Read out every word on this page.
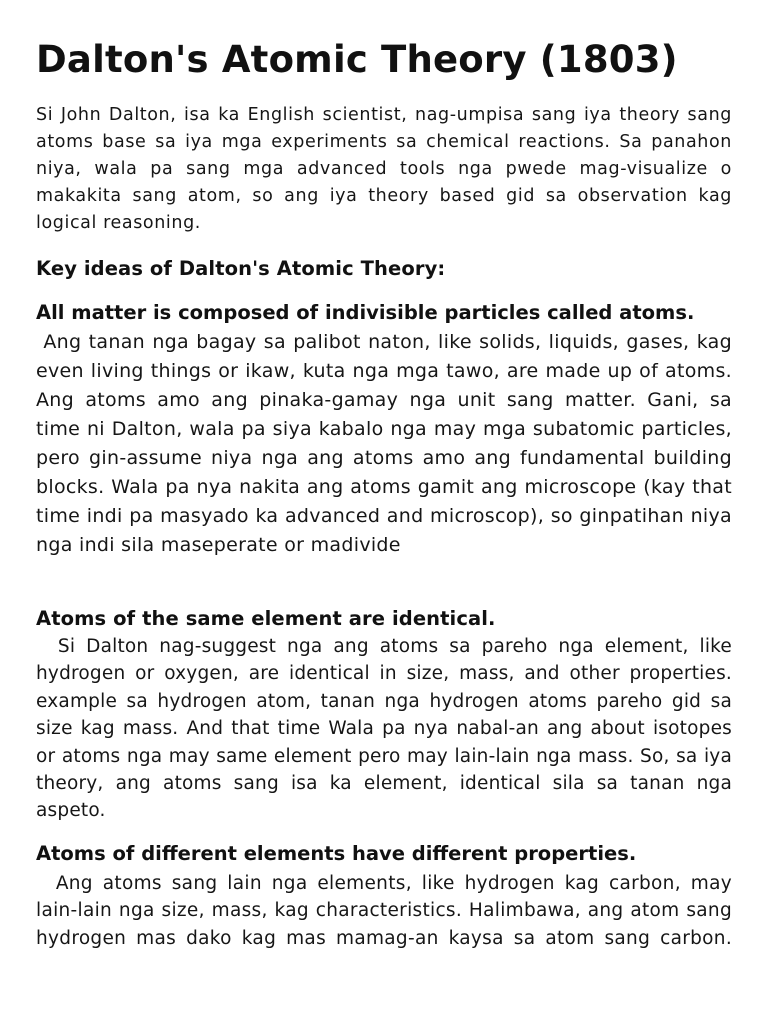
Dalton's Atomic Theory (1803)

Si John Dalton, isa ka English scientist, nag-umpisa sang iya theory sang atoms base sa iya mga experiments sa chemical reactions. Sa panahon niya, wala pa sang mga advanced tools nga pwede mag-visualize o makakita sang atom, so ang iya theory based gid sa observation kag logical reasoning.

Key ideas of Dalton's Atomic Theory:
All matter is composed of indivisible particles called atoms.

Ang tanan nga bagay sa palibot naton, like solids, liquids, gases, kag even living things or ikaw, kuta nga mga tawo, are made up of atoms. Ang atoms amo ang pinaka-gamay nga unit sang matter. Gani, sa time ni Dalton, wala pa siya kabalo nga may mga subatomic particles, pero gin-assume niya nga ang atoms amo ang fundamental building blocks. Wala pa nya nakita ang atoms gamit ang microscope (kay that time indi pa masyado ka advanced and microscop), so ginpatihan niya nga indi sila maseperate or madivide

Atoms of the same element are identical.

Si Dalton nag-suggest nga ang atoms sa pareho nga element, like hydrogen or oxygen, are identical in size, mass, and other properties. example sa hydrogen atom, tanan nga hydrogen atoms pareho gid sa size kag mass. And that time Wala pa nya nabal-an ang about isotopes or atoms nga may same element pero may lain-lain nga mass. So, sa iya theory, ang atoms sang isa ka element, identical sila sa tanan nga aspeto.

Atoms of different elements have different properties.

Ang atoms sang lain nga elements, like hydrogen kag carbon, may lain-lain nga size, mass, kag characteristics. Halimbawa, ang atom sang hydrogen mas dako kag mas mamag-an kaysa sa atom sang carbon.
